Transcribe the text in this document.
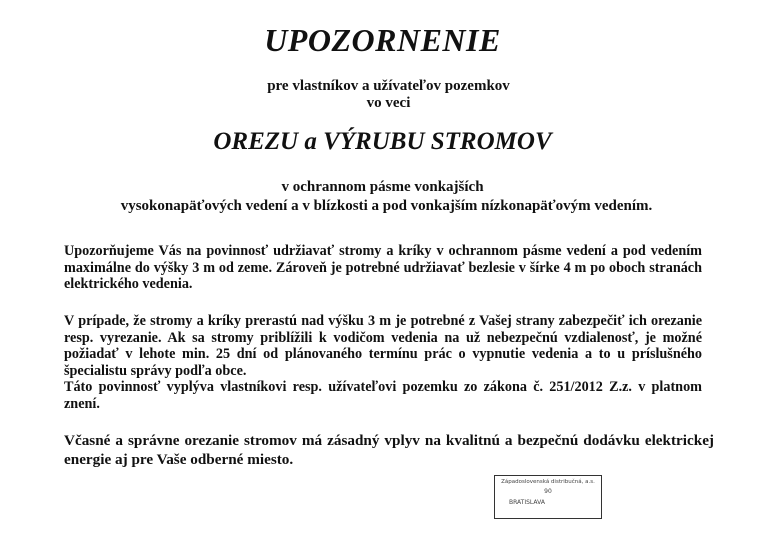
UPOZORNENIE
pre vlastníkov a užívateľov pozemkov
vo veci
OREZU a VÝRUBU STROMOV
v ochrannom pásme vonkajších
vysokonapäťových vedení a v blízkosti a pod vonkajším nízkonapäťovým vedením.
Upozorňujeme Vás na povinnosť udržiavať stromy a kríky v ochrannom pásme vedení a pod vedením maximálne do výšky 3 m od zeme. Zároveň je potrebné udržiavať bezlesie v šírke 4 m po oboch stranách elektrického vedenia.
V prípade, že stromy a kríky prerastú nad výšku 3 m je potrebné z Vašej strany zabezpečiť ich orezanie resp. vyrezanie. Ak sa stromy priblížili k vodičom vedenia na už nebezpečnú vzdialenosť, je možné požiadať v lehote min. 25 dní od plánovaného termínu prác o vypnutie vedenia a to u príslušného špecialistu správy podľa obce.
Táto povinnosť vyplýva vlastníkovi resp. užívateľovi pozemku zo zákona č. 251/2012 Z.z. v platnom znení.
Včasné a správne orezanie stromov má zásadný vplyv na kvalitnú a bezpečnú dodávku elektrickej energie aj pre Vaše odberné miesto.
Západoslovenská distribučná, a.s.
90
BRATISLAVA
